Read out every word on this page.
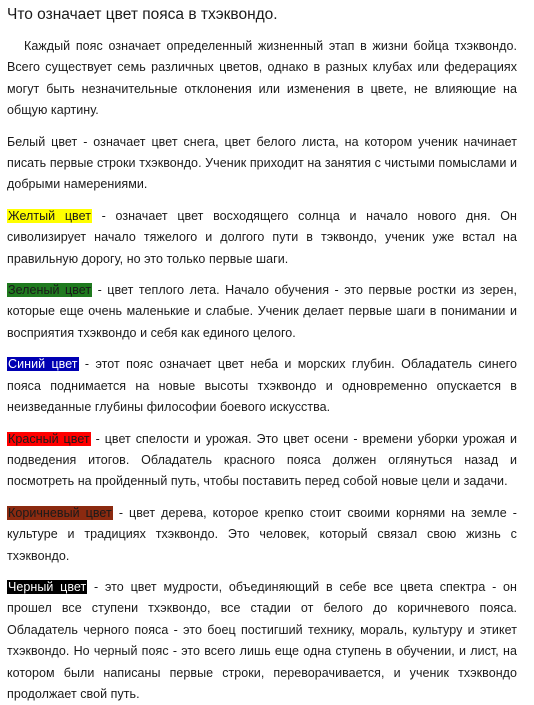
Что означает цвет пояса в тхэквондо.

Каждый пояс означает определенный жизненный этап в жизни бойца тхэквондо. Всего существует семь различных цветов, однако в разных клубах или федерациях могут быть незначительные отклонения или изменения в цвете, не влияющие на общую картину.

Белый цвет - означает цвет снега, цвет белого листа, на котором ученик начинает писать первые строки тхэквондо. Ученик приходит на занятия с чистыми помыслами и добрыми намерениями.

Желтый цвет - означает цвет восходящего солнца и начало нового дня. Он сиволизирует начало тяжелого и долгого пути в тэквондо, ученик уже встал на правильную дорогу, но это только первые шаги.

Зеленый цвет - цвет теплого лета. Начало обучения - это первые ростки из зерен, которые еще очень маленькие и слабые. Ученик делает первые шаги в понимании и восприятия тхэквондо и себя как единого целого.

Синий цвет - этот пояс означает цвет неба и морских глубин. Обладатель синего пояса поднимается на новые высоты тхэквондо и одновременно опускается в неизведанные глубины философии боевого искусства.

Красный цвет - цвет спелости и урожая. Это цвет осени - времени уборки урожая и подведения итогов. Обладатель красного пояса должен оглянуться назад и посмотреть на пройденный путь, чтобы поставить перед собой новые цели и задачи.

Коричневый цвет - цвет дерева, которое крепко стоит своими корнями на земле - культуре и традициях тхэквондо. Это человек, который связал свою жизнь с тхэквондо.

Черный цвет - это цвет мудрости, объединяющий в себе все цвета спектра - он прошел все ступени тхэквондо, все стадии от белого до коричневого пояса. Обладатель черного пояса - это боец постигший технику, мораль, культуру и этикет тхэквондо. Но черный пояс - это всего лишь еще одна ступень в обучении, и лист, на котором были написаны первые строки, переворачивается, и ученик тхэквондо продолжает свой путь.
